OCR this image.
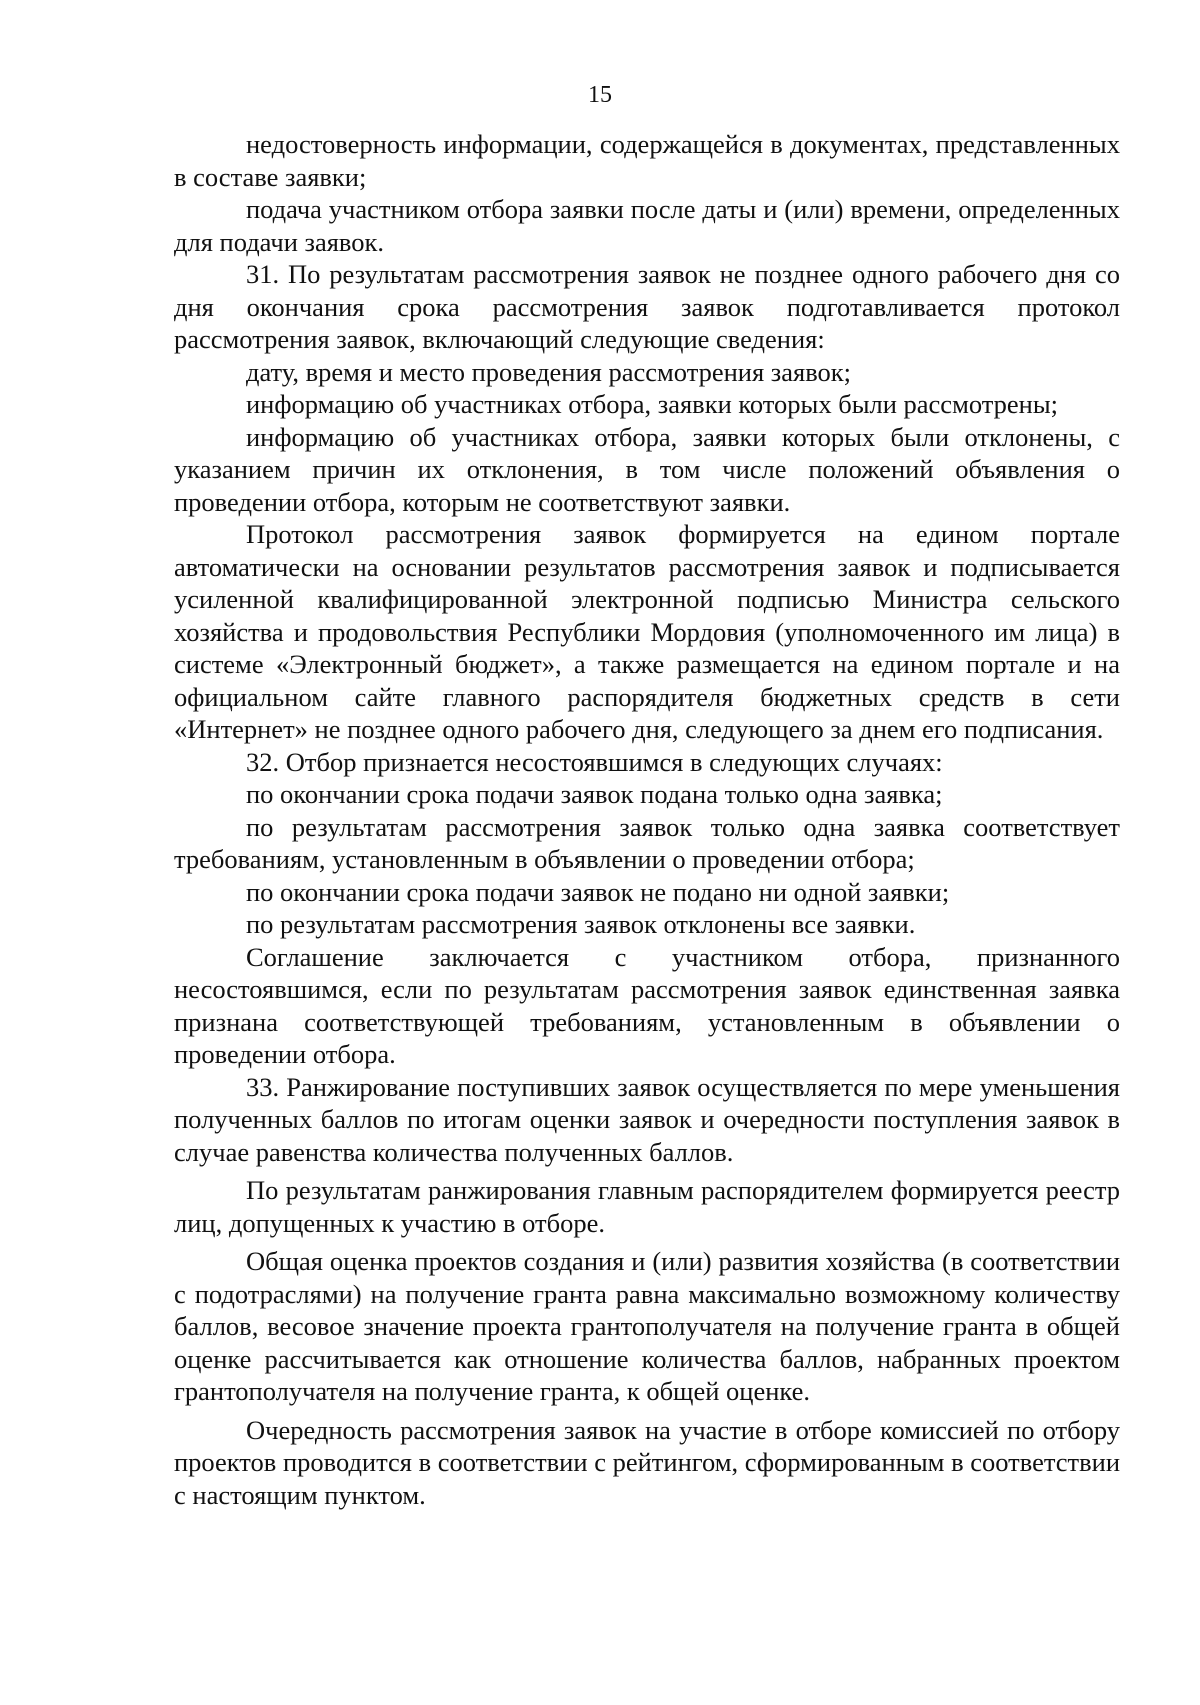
15

недостоверность информации, содержащейся в документах, представленных в составе заявки;

подача участником отбора заявки после даты и (или) времени, определенных для подачи заявок.

31. По результатам рассмотрения заявок не позднее одного рабочего дня со дня окончания срока рассмотрения заявок подготавливается протокол рассмотрения заявок, включающий следующие сведения:

дату, время и место проведения рассмотрения заявок;

информацию об участниках отбора, заявки которых были рассмотрены;

информацию об участниках отбора, заявки которых были отклонены, с указанием причин их отклонения, в том числе положений объявления о проведении отбора, которым не соответствуют заявки.

Протокол рассмотрения заявок формируется на едином портале автоматически на основании результатов рассмотрения заявок и подписывается усиленной квалифицированной электронной подписью Министра сельского хозяйства и продовольствия Республики Мордовия (уполномоченного им лица) в системе «Электронный бюджет», а также размещается на едином портале и на официальном сайте главного распорядителя бюджетных средств в сети «Интернет» не позднее одного рабочего дня, следующего за днем его подписания.

32. Отбор признается несостоявшимся в следующих случаях:

по окончании срока подачи заявок подана только одна заявка;

по результатам рассмотрения заявок только одна заявка соответствует требованиям, установленным в объявлении о проведении отбора;

по окончании срока подачи заявок не подано ни одной заявки;

по результатам рассмотрения заявок отклонены все заявки.

Соглашение заключается с участником отбора, признанного несостоявшимся, если по результатам рассмотрения заявок единственная заявка признана соответствующей требованиям, установленным в объявлении о проведении отбора.

33. Ранжирование поступивших заявок осуществляется по мере уменьшения полученных баллов по итогам оценки заявок и очередности поступления заявок в случае равенства количества полученных баллов.

По результатам ранжирования главным распорядителем формируется реестр лиц, допущенных к участию в отборе.

Общая оценка проектов создания и (или) развития хозяйства (в соответствии с подотраслями) на получение гранта равна максимально возможному количеству баллов, весовое значение проекта грантополучателя на получение гранта в общей оценке рассчитывается как отношение количества баллов, набранных проектом грантополучателя на получение гранта, к общей оценке.

Очередность рассмотрения заявок на участие в отборе комиссией по отбору проектов проводится в соответствии с рейтингом, сформированным в соответствии с настоящим пунктом.
